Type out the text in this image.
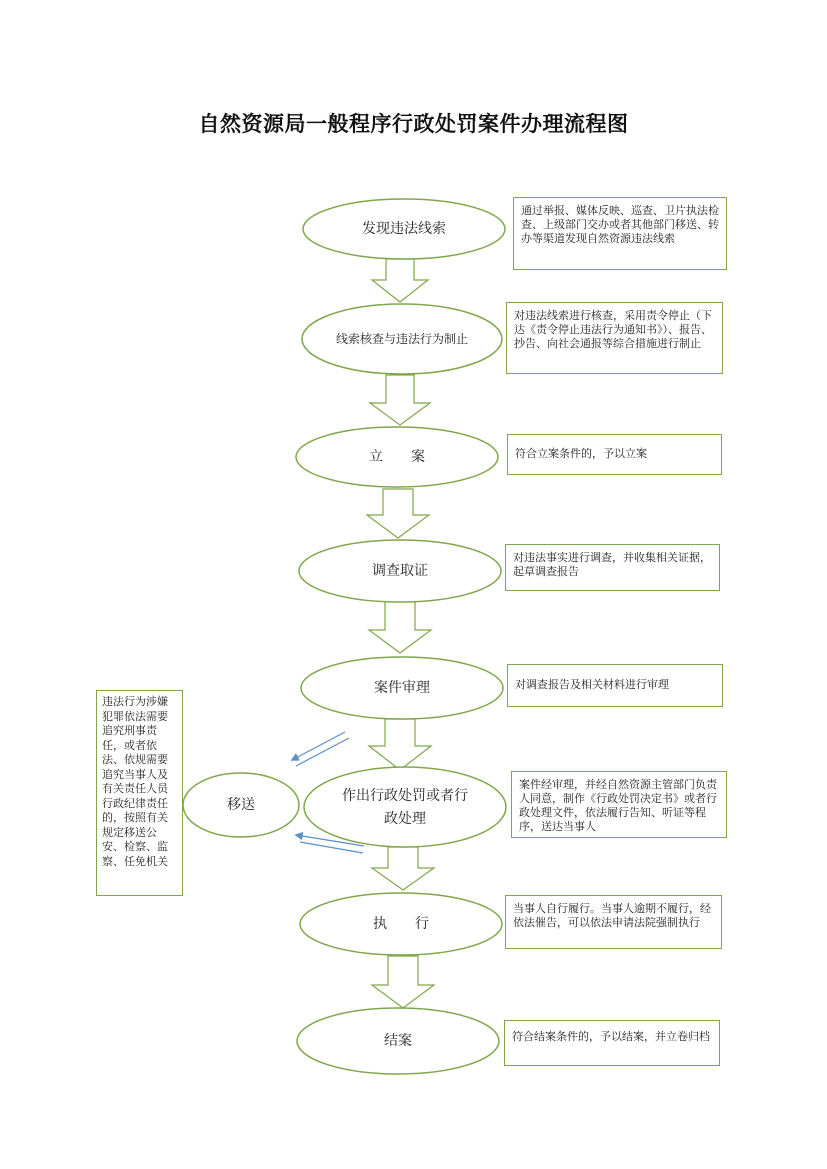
自然资源局一般程序行政处罚案件办理流程图
发现违法线索
线索核查与违法行为制止
立　　案
调查取证
案件审理
作出行政处罚或者行政处理
执　　行
结案
移送
通过举报、媒体反映、巡查、卫片执法检查、上级部门交办或者其他部门移送、转办等渠道发现自然资源违法线索
对违法线索进行核查，采用责令停止（下达《责令停止违法行为通知书》）、报告、抄告、向社会通报等综合措施进行制止
符合立案条件的，予以立案
对违法事实进行调查，并收集相关证据，起草调查报告
对调查报告及相关材料进行审理
案件经审理，并经自然资源主管部门负责人同意，制作《行政处罚决定书》或者行政处理文件，依法履行告知、听证等程序，送达当事人
当事人自行履行。当事人逾期不履行，经依法催告，可以依法申请法院强制执行
符合结案条件的，予以结案，并立卷归档
违法行为涉嫌犯罪依法需要追究刑事责任，或者依法、依规需要追究当事人及有关责任人员行政纪律责任的，按照有关规定移送公安、检察、监察、任免机关
